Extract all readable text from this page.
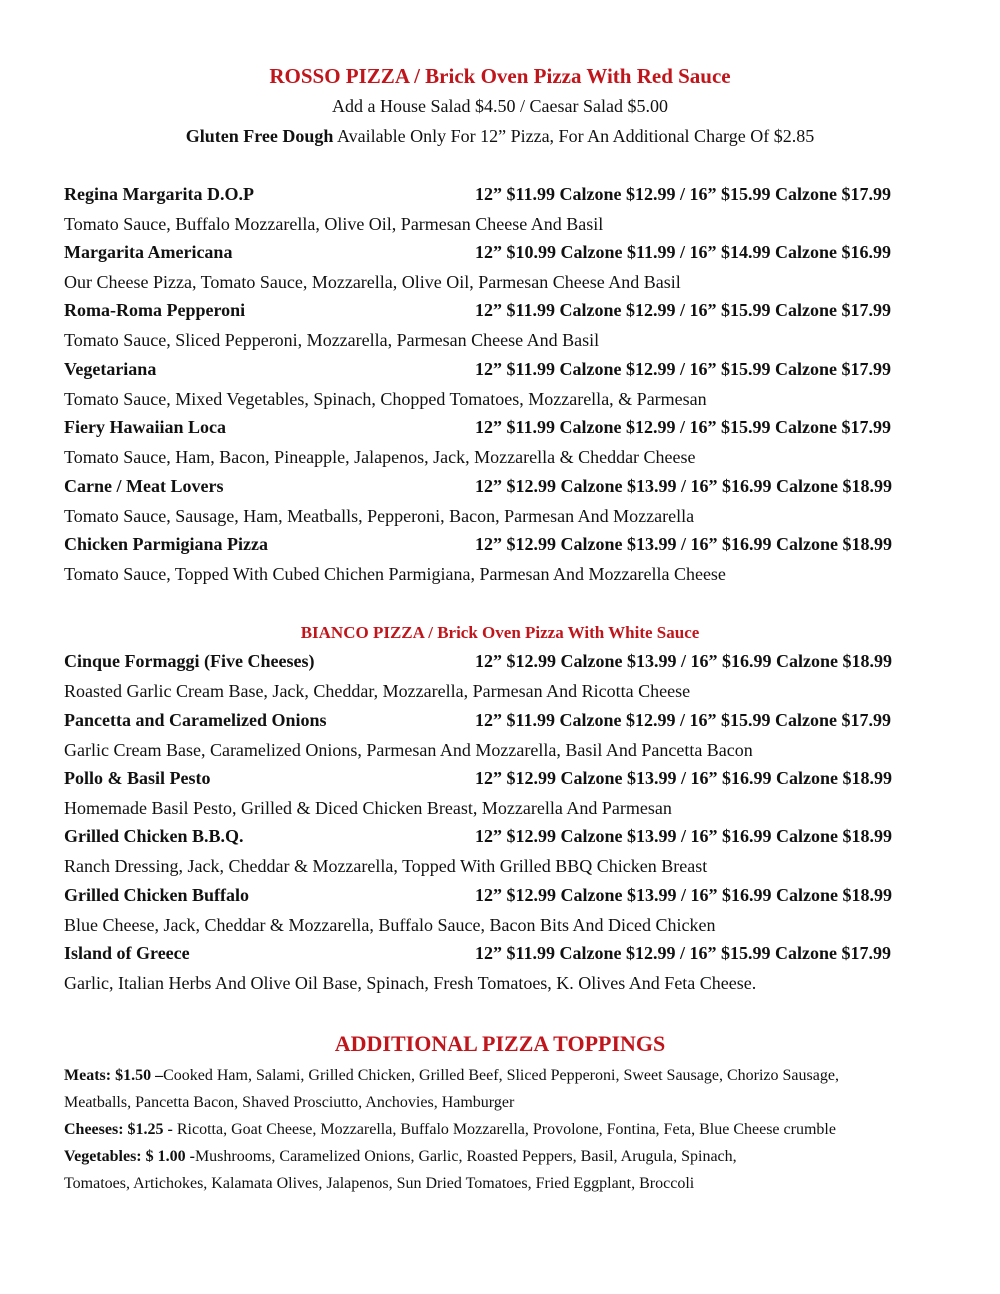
ROSSO PIZZA / Brick Oven Pizza With Red Sauce
Add a House Salad $4.50 / Caesar Salad $5.00
Gluten Free Dough Available Only For 12” Pizza, For An Additional Charge Of $2.85
Regina Margarita D.O.P	12” $11.99 Calzone $12.99 / 16” $15.99 Calzone $17.99
Tomato Sauce, Buffalo Mozzarella, Olive Oil, Parmesan Cheese And Basil
Margarita Americana	12” $10.99 Calzone $11.99 / 16” $14.99 Calzone $16.99
Our Cheese Pizza, Tomato Sauce, Mozzarella, Olive Oil, Parmesan Cheese And Basil
Roma-Roma Pepperoni	12” $11.99 Calzone $12.99 / 16” $15.99 Calzone $17.99
Tomato Sauce, Sliced Pepperoni, Mozzarella, Parmesan Cheese And Basil
Vegetariana	12” $11.99 Calzone $12.99 / 16” $15.99 Calzone $17.99
Tomato Sauce, Mixed Vegetables, Spinach, Chopped Tomatoes, Mozzarella, & Parmesan
Fiery Hawaiian Loca	12” $11.99 Calzone $12.99 / 16” $15.99 Calzone $17.99
Tomato Sauce, Ham, Bacon, Pineapple, Jalapenos, Jack, Mozzarella & Cheddar Cheese
Carne / Meat Lovers	12” $12.99 Calzone $13.99 / 16” $16.99 Calzone $18.99
Tomato Sauce, Sausage, Ham, Meatballs, Pepperoni, Bacon, Parmesan And Mozzarella
Chicken Parmigiana Pizza	12” $12.99 Calzone $13.99 / 16” $16.99 Calzone $18.99
Tomato Sauce, Topped With Cubed Chichen Parmigiana, Parmesan And Mozzarella Cheese
BIANCO PIZZA / Brick Oven Pizza With White Sauce
Cinque Formaggi (Five Cheeses)	12” $12.99 Calzone $13.99 / 16” $16.99 Calzone $18.99
Roasted Garlic Cream Base, Jack, Cheddar, Mozzarella, Parmesan And Ricotta Cheese
Pancetta and Caramelized Onions	12” $11.99 Calzone $12.99 / 16” $15.99 Calzone $17.99
Garlic Cream Base, Caramelized Onions, Parmesan And Mozzarella, Basil And Pancetta Bacon
Pollo & Basil Pesto	12” $12.99 Calzone $13.99 / 16” $16.99 Calzone $18.99
Homemade Basil Pesto, Grilled & Diced Chicken Breast, Mozzarella And Parmesan
Grilled Chicken B.B.Q.	12” $12.99 Calzone $13.99 / 16” $16.99 Calzone $18.99
Ranch Dressing, Jack, Cheddar & Mozzarella, Topped With Grilled BBQ Chicken Breast
Grilled Chicken Buffalo	12” $12.99 Calzone $13.99 / 16” $16.99 Calzone $18.99
Blue Cheese, Jack, Cheddar & Mozzarella, Buffalo Sauce, Bacon Bits And Diced Chicken
Island of Greece	12” $11.99 Calzone $12.99 / 16” $15.99 Calzone $17.99
Garlic, Italian Herbs And Olive Oil Base, Spinach, Fresh Tomatoes, K. Olives And Feta Cheese.
ADDITIONAL PIZZA TOPPINGS
Meats: $1.50 –Cooked Ham, Salami, Grilled Chicken, Grilled Beef, Sliced Pepperoni, Sweet Sausage, Chorizo Sausage,
Meatballs, Pancetta Bacon, Shaved Prosciutto, Anchovies, Hamburger
Cheeses: $1.25 - Ricotta, Goat Cheese, Mozzarella, Buffalo Mozzarella, Provolone, Fontina, Feta, Blue Cheese crumble
Vegetables: $ 1.00 -Mushrooms, Caramelized Onions, Garlic, Roasted Peppers, Basil, Arugula, Spinach,
Tomatoes, Artichokes, Kalamata Olives, Jalapenos, Sun Dried Tomatoes, Fried Eggplant, Broccoli
